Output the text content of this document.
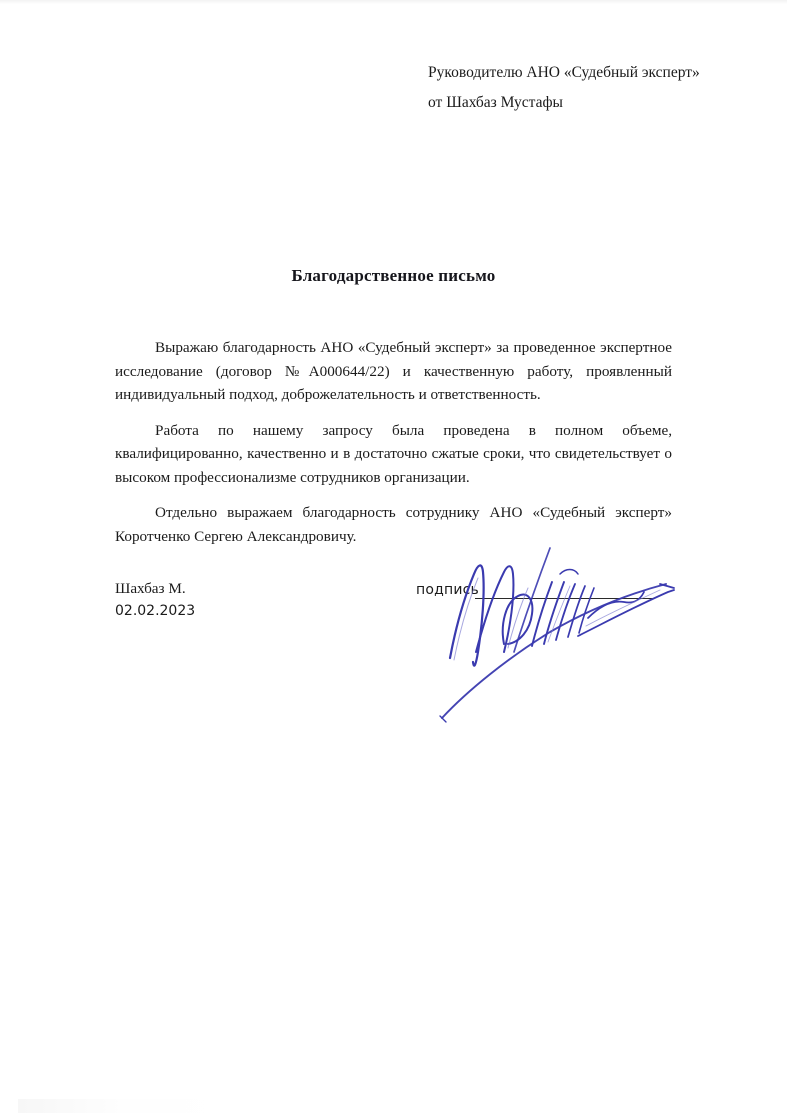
Руководителю АНО «Судебный эксперт»
от Шахбаз Мустафы
Благодарственное письмо

Выражаю благодарность АНО «Судебный эксперт» за проведенное экспертное исследование (договор №А000644/22) и качественную работу, проявленный индивидуальный подход, доброжелательность и ответственность.

Работа по нашему запросу была проведена в полном объеме, квалифицированно, качественно и в достаточно сжатые сроки, что свидетельствует о высоком профессионализме сотрудников организации.

Отдельно выражаем благодарность сотруднику АНО «Судебный эксперт» Коротченко Сергею Александровичу.

Шахбаз М.
02.02.2023
подпись
